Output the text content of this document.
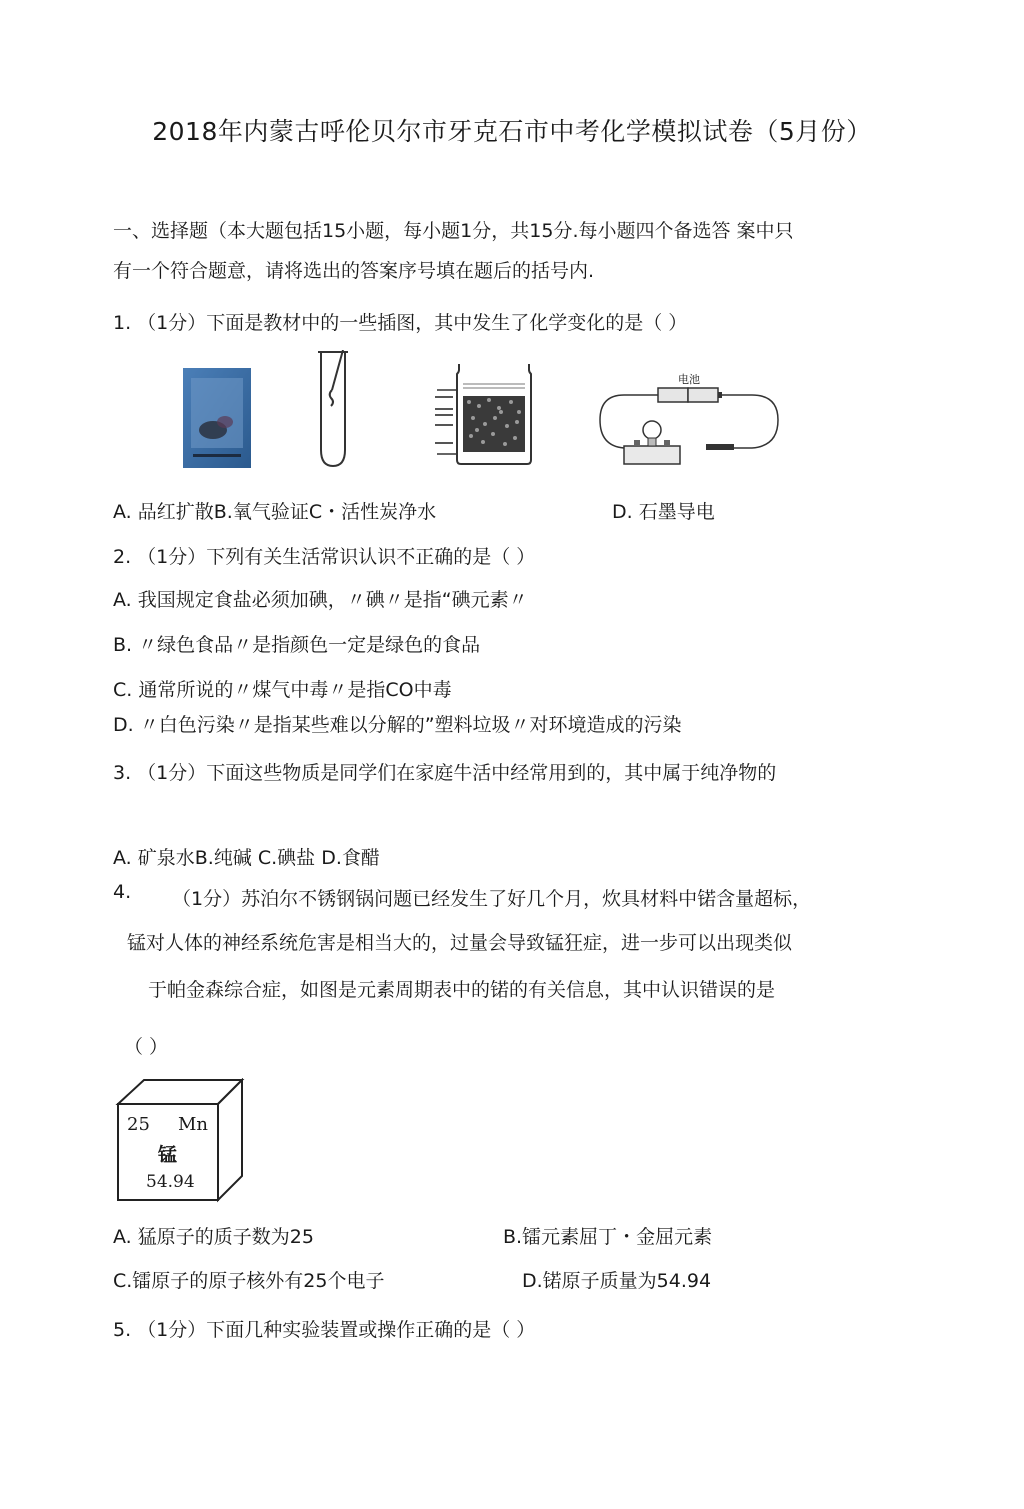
2018年内蒙古呼伦贝尔市牙克石市中考化学模拟试卷（5月份）
一、选择题（本大题包括15小题，每小题1分，共15分.每小题四个备选答 案中只
有一个符合题意，请将选出的答案序号填在题后的括号内.
1. （1分）下面是教材中的一些插图，其中发生了化学变化的是（ ）
电池
A. 品红扩散B.氧气验证C・活性炭净水	D. 石墨导电
2. （1分）下列有关生活常识认识不正确的是（ ）
A. 我国规定食盐必须加碘，〃碘〃是指“碘元素〃
B. 〃绿色食品〃是指颜色一定是绿色的食品
C. 通常所说的〃煤气中毒〃是指CO中毒
D. 〃白色污染〃是指某些难以分解的”塑料垃圾〃对环境造成的污染
3. （1分）下面这些物质是同学们在家庭牛活中经常用到的，其中属于纯净物的
A. 矿泉水B.纯碱 C.碘盐 D.食醋
4. （1分）苏泊尔不锈钢锅问题已经发生了好几个月，炊具材料中锘含量超标，
锰对人体的神经系统危害是相当大的，过量会导致锰狂症，进一步可以出现类似
于帕金森综合症，如图是元素周期表中的锘的有关信息，其中认识错误的是
（ ）
25 Mn
锰
54.94
A. 猛原子的质子数为25	B.镭元素屈丁・金屈元素
C.镭原子的原子核外有25个电子	D.锘原子质量为54.94
5. （1分）下面几种实验装置或操作正确的是（ ）
